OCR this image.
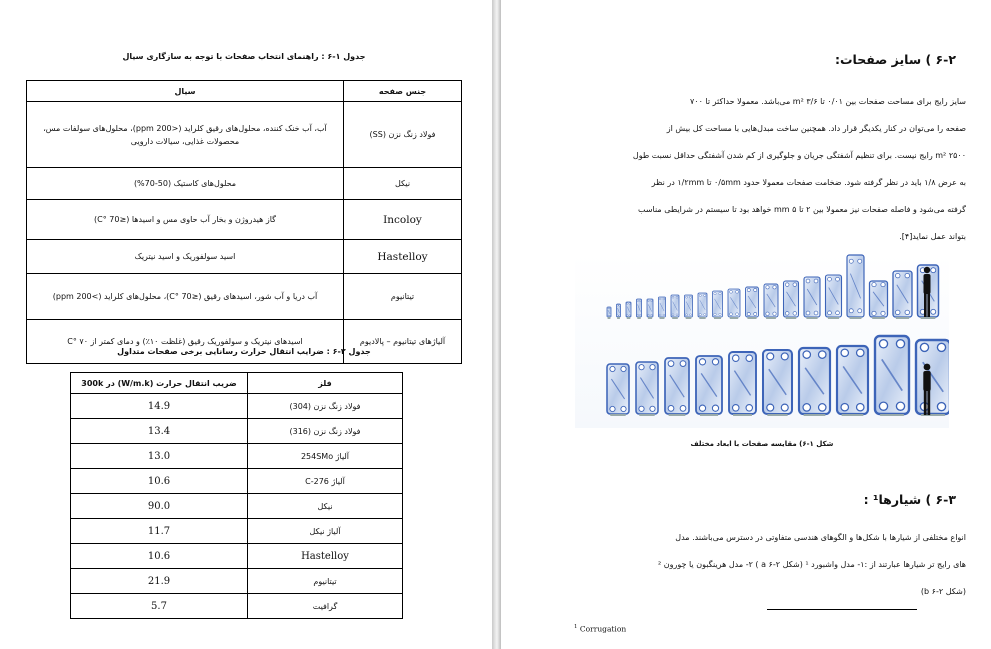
جدول ۱-۶ : راهنمای انتخاب صفحات با توجه به سازگاری سیال
جنس صفحه	سیال
فولاد زنگ نزن (SS)	آب، آب خنک کننده، محلول‌های رقیق کلراید (<200 ppm)، محلول‌های سولفات مس، محصولات غذایی، سیالات دارویی
نیکل	محلول‌های کاستیک (50-70%)
Incoloy	گاز هیدروژن و بخار آب حاوی مس و اسیدها (≤70 °C)
Hastelloy	اسید سولفوریک و اسید نیتریک
تیتانیوم	آب دریا و آب شور، اسیدهای رقیق (≤70 °C)، محلول‌های کلراید (>200 ppm)
آلیاژهای تیتانیوم – پالادیوم	اسیدهای نیتریک و سولفوریک رقیق (غلظت ۱۰٪) و دمای کمتر از ۷۰ °C
جدول ۲-۶ : ضرایب انتقال حرارت رسانایی برخی صفحات متداول
فلز	ضریب انتقال حرارت (W/m.k) در 300k
فولاد زنگ نزن (304)	14.9
فولاد زنگ نزن (316)	13.4
آلیاژ 254SMo	13.0
آلیاژ C-276	10.6
نیکل	90.0
آلیاژ نیکل	11.7
Hastelloy	10.6
تیتانیوم	21.9
گرافیت	5.7
۶-۲ ) سایز صفحات:
سایز رایج برای مساحت صفحات بین ۰/۰۱ تا ۳/۶ m² می‌باشد. معمولا حداکثر تا ۷۰۰
صفحه را می‌توان در کنار یکدیگر قرار داد. همچنین ساخت مبدل‌هایی با مساحت کل بیش از
۲۵۰۰ m² رایج نیست. برای تنظیم آشفتگی جریان و جلوگیری از کم شدن آشفتگی حداقل نسبت طول
به عرض ۱/۸ باید در نظر گرفته شود. ضخامت صفحات معمولا حدود ۰/۵mm تا ۱/۲mm در نظر
گرفته می‌شود و فاصله صفحات نیز معمولا بین ۲ تا ۵ mm خواهد بود تا سیستم در شرایطی مناسب
بتواند عمل نماید[۴].
شکل ۱-۶) مقایسه صفحات با ابعاد مختلف
۶-۳ ) شیارها¹ :
انواع مختلفی از شیارها با شکل‌ها و الگوهای هندسی متفاوتی در دسترس می‌باشند. مدل
های رایج تر شیارها عبارتند از :۱- مدل واشبورد ¹ (شکل ۲-۶ a ) ۲- مدل هرینگبون یا چورون ²
(شکل ۲-۶ b)
$^1$ Corrugation
